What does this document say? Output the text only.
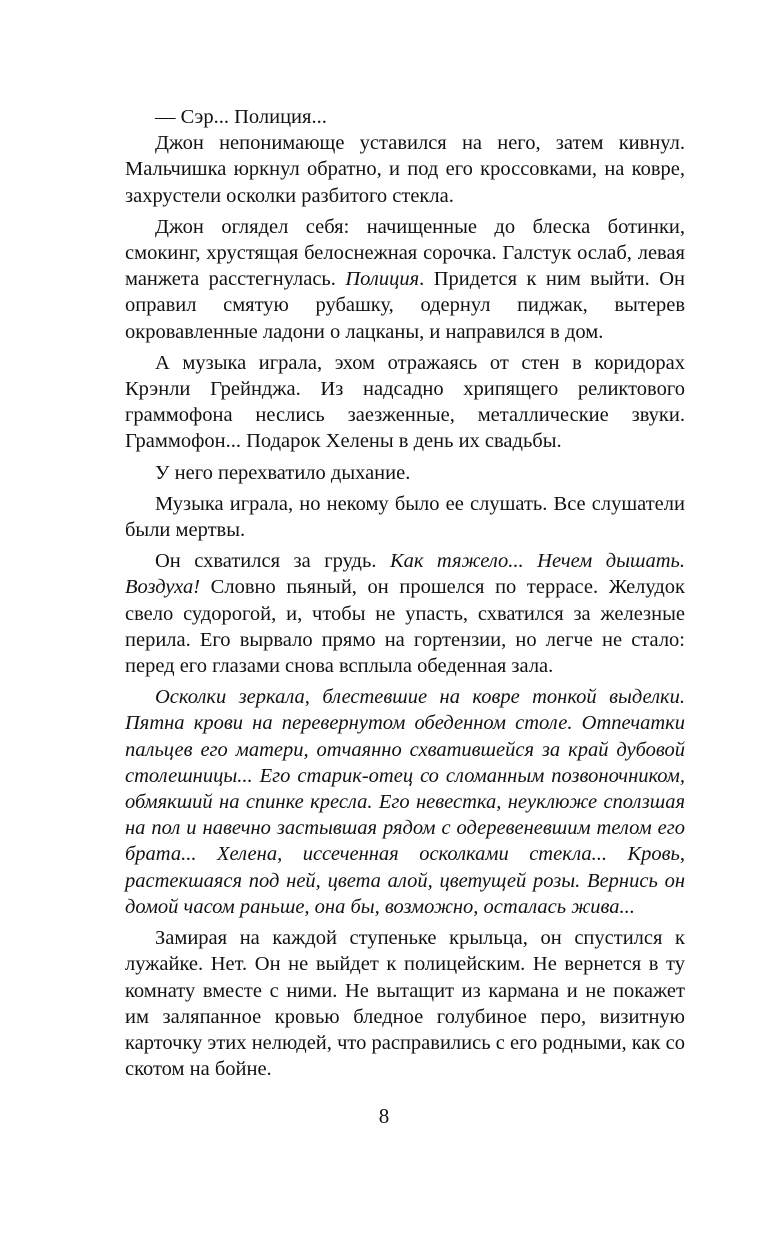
— Сэр... Полиция...

Джон непонимающе уставился на него, затем кивнул. Мальчишка юркнул обратно, и под его кроссовками, на ковре, захрустели осколки разбитого стекла.

Джон оглядел себя: начищенные до блеска ботинки, смокинг, хрустящая белоснежная сорочка. Галстук ослаб, левая манжета расстегнулась. Полиция. Придется к ним выйти. Он оправил смятую рубашку, одернул пиджак, вытерев окровавленные ладони о лацканы, и направился в дом.

А музыка играла, эхом отражаясь от стен в коридорах Крэнли Грейнджа. Из надсадно хрипящего реликтового граммофона неслись заезженные, металлические звуки. Граммофон... Подарок Хелены в день их свадьбы.

У него перехватило дыхание.

Музыка играла, но некому было ее слушать. Все слушатели были мертвы.

Он схватился за грудь. Как тяжело... Нечем дышать. Воздуха! Словно пьяный, он прошелся по террасе. Желудок свело судорогой, и, чтобы не упасть, схватился за железные перила. Его вырвало прямо на гортензии, но легче не стало: перед его глазами снова всплыла обеденная зала.

Осколки зеркала, блестевшие на ковре тонкой выделки. Пятна крови на перевернутом обеденном столе. Отпечатки пальцев его матери, отчаянно схватившейся за край дубовой столешницы... Его старик-отец со сломанным позвоночником, обмякший на спинке кресла. Его невестка, неуклюже сползшая на пол и навечно застывшая рядом с одеревеневшим телом его брата... Хелена, иссеченная осколками стекла... Кровь, растекшаяся под ней, цвета алой, цветущей розы. Вернись он домой часом раньше, она бы, возможно, осталась жива...

Замирая на каждой ступеньке крыльца, он спустился к лужайке. Нет. Он не выйдет к полицейским. Не вернется в ту комнату вместе с ними. Не вытащит из кармана и не покажет им заляпанное кровью бледное голубиное перо, визитную карточку этих нелюдей, что расправились с его родными, как со скотом на бойне.

8
